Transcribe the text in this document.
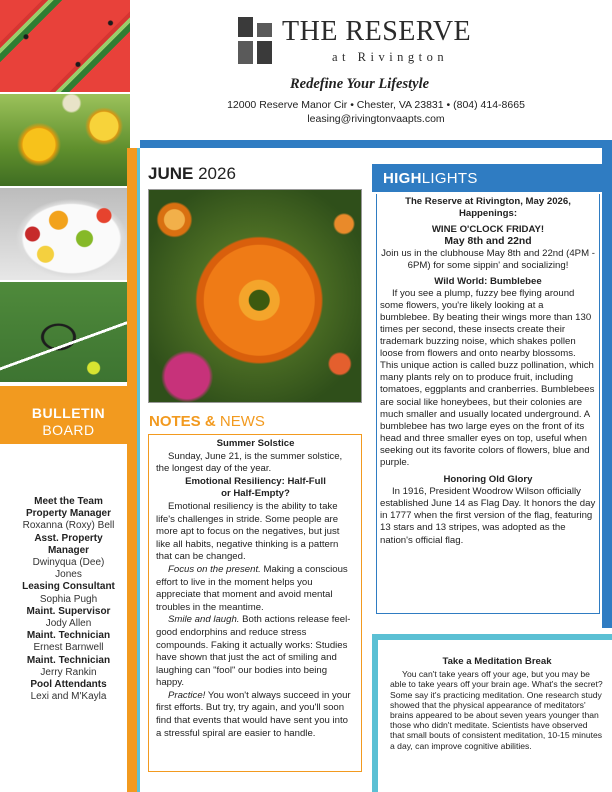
BULLETIN
BOARD
Meet the Team
Property Manager
Roxanna (Roxy) Bell
Asst. Property Manager
Dwinyqua (Dee) Jones
Leasing Consultant
Sophia Pugh
Maint. Supervisor
Jody Allen
Maint. Technician
Ernest Barnwell
Maint. Technician
Jerry Rankin
Pool Attendants
Lexi and M'Kayla
THE RESERVE
at Rivington
Redefine Your Lifestyle
12000 Reserve Manor Cir • Chester, VA 23831 • (804) 414-8665
leasing@rivingtonvaapts.com
JUNE 2026
NOTES & NEWS
Summer Solstice

Sunday, June 21, is the summer solstice, the longest day of the year.

Emotional Resiliency: Half-Full or Half-Empty?

Emotional resiliency is the ability to take life's challenges in stride. Some people are more apt to focus on the negatives, but just like all habits, negative thinking is a pattern that can be changed.

Focus on the present. Making a conscious effort to live in the moment helps you appreciate that moment and avoid mental troubles in the meantime.

Smile and laugh. Both actions release feel-good endorphins and reduce stress compounds. Faking it actually works: Studies have shown that just the act of smiling and laughing can "fool" our bodies into being happy.

Practice! You won't always succeed in your first efforts. But try, try again, and you'll soon find that events that would have sent you into a stressful spiral are easier to handle.

HIGHLIGHTS
The Reserve at Rivington, May 2026, Happenings:
WINE O'CLOCK FRIDAY!
May 8th and 22nd
Join us in the clubhouse May 8th and 22nd (4PM - 6PM) for some sippin' and socializing!
Wild World: Bumblebee

If you see a plump, fuzzy bee flying around some flowers, you're likely looking at a bumblebee. By beating their wings more than 130 times per second, these insects create their trademark buzzing noise, which shakes pollen loose from flowers and onto nearby blossoms. This unique action is called buzz pollination, which many plants rely on to produce fruit, including tomatoes, eggplants and cranberries. Bumblebees are social like honeybees, but their colonies are much smaller and usually located underground. A bumblebee has two large eyes on the front of its head and three smaller eyes on top, useful when seeking out its favorite colors of flowers, blue and purple.

Honoring Old Glory

In 1916, President Woodrow Wilson officially established June 14 as Flag Day. It honors the day in 1777 when the first version of the flag, featuring 13 stars and 13 stripes, was adopted as the nation's official flag.

Take a Meditation Break

You can't take years off your age, but you may be able to take years off your brain age. What's the secret? Some say it's practicing meditation. One research study showed that the physical appearance of meditators' brains appeared to be about seven years younger than those who didn't meditate. Scientists have observed that small bouts of consistent meditation, 10-15 minutes a day, can improve cognitive abilities.
